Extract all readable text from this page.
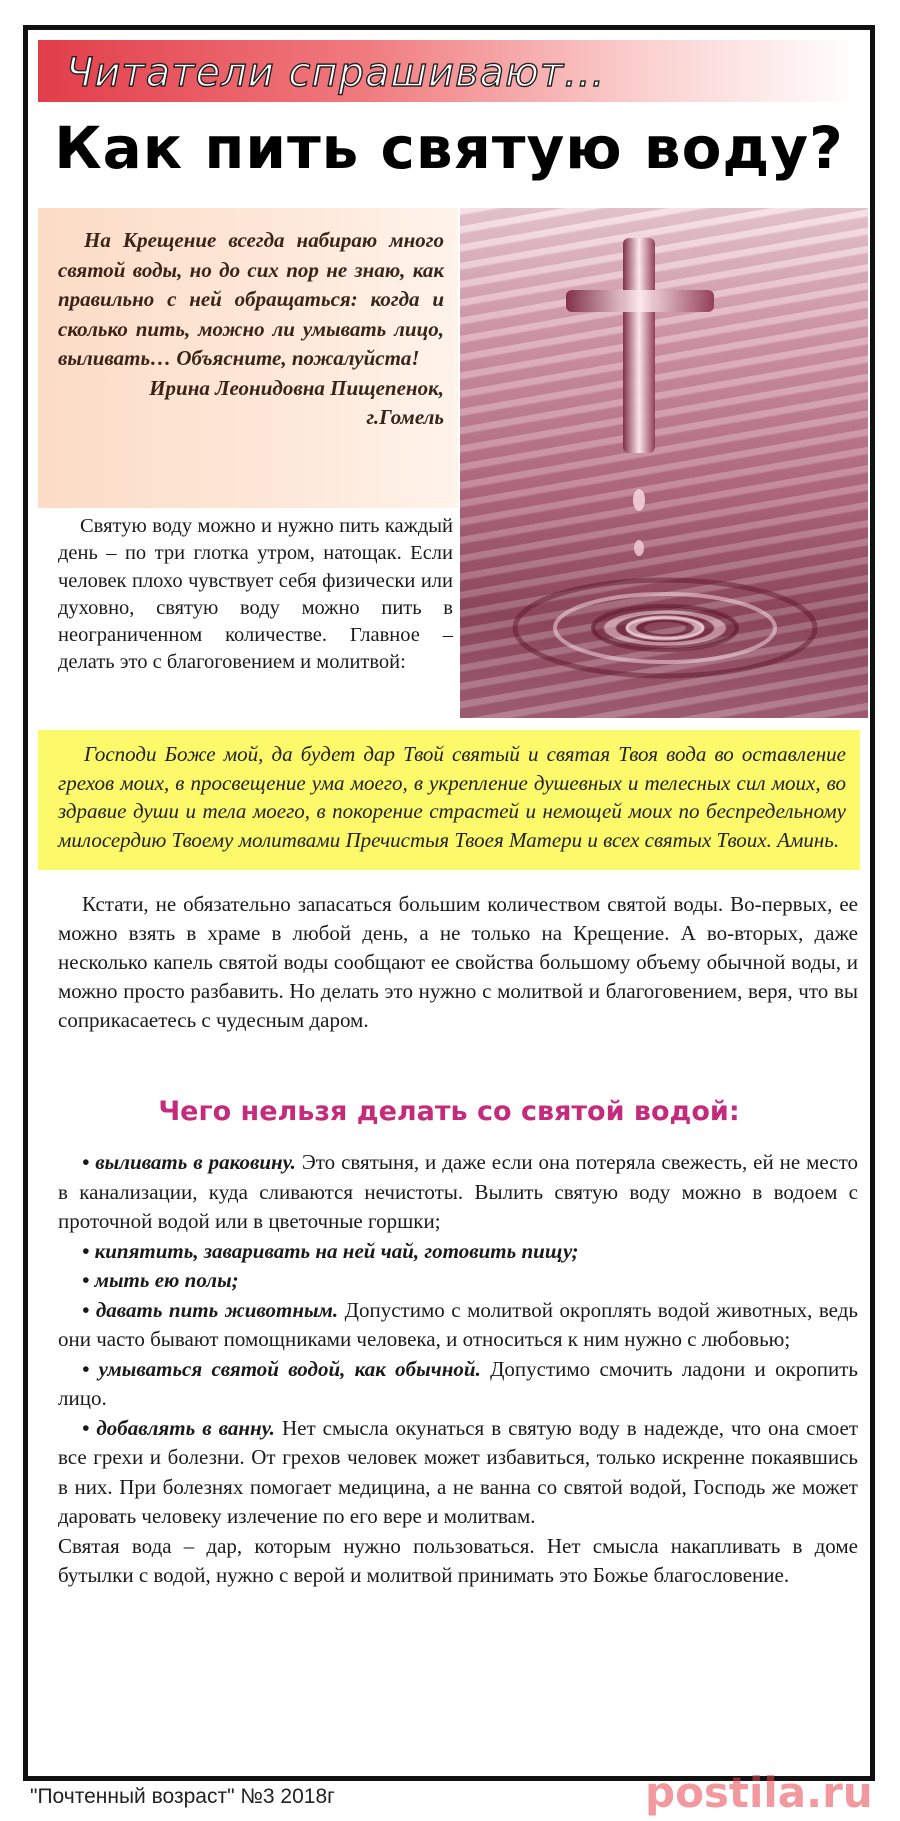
Читатели спрашивают...
Как пить святую воду?

На Крещение всегда набираю много святой воды, но до сих пор не знаю, как правильно с ней обращаться: когда и сколько пить, можно ли умывать лицо, выливать… Объясните, пожалуйста!

Ирина Леонидовна Пищепенок,
г.Гомель

Святую воду можно и нужно пить каждый день – по три глотка утром, натощак. Если человек плохо чувствует себя физически или духовно, святую воду можно пить в неограниченном количестве. Главное – делать это с благоговением и молитвой:

Господи Боже мой, да будет дар Твой святый и святая Твоя вода во оставление грехов моих, в просвещение ума моего, в укрепление душевных и телесных сил моих, во здравие души и тела моего, в покорение страстей и немощей моих по беспредельному милосердию Твоему молитвами Пречистыя Твоея Матери и всех святых Твоих. Аминь.

Кстати, не обязательно запасаться большим количеством святой воды. Во-первых, ее можно взять в храме в любой день, а не только на Крещение. А во-вторых, даже несколько капель святой воды сообщают ее свойства большому объему обычной воды, и можно просто разбавить. Но делать это нужно с молитвой и благоговением, веря, что вы соприкасаетесь с чудесным даром.

Чего нельзя делать со святой водой:

• выливать в раковину. Это святыня, и даже если она потеряла свежесть, ей не место в канализации, куда сливаются нечистоты. Вылить святую воду можно в водоем с проточной водой или в цветочные горшки;

• кипятить, заваривать на ней чай, готовить пищу;

• мыть ею полы;

• давать пить животным. Допустимо с молитвой окроплять водой животных, ведь они часто бывают помощниками человека, и относиться к ним нужно с любовью;

• умываться святой водой, как обычной. Допустимо смочить ладони и окропить лицо.

• добавлять в ванну. Нет смысла окунаться в святую воду в надежде, что она смоет все грехи и болезни. От грехов человек может избавиться, только искренне покаявшись в них. При болезнях помогает медицина, а не ванна со святой водой, Господь же может даровать человеку излечение по его вере и молитвам.

Святая вода – дар, которым нужно пользоваться. Нет смысла накапливать в доме бутылки с водой, нужно с верой и молитвой принимать это Божье благословение.

"Почтенный возраст" №3 2018г	postila.ru
